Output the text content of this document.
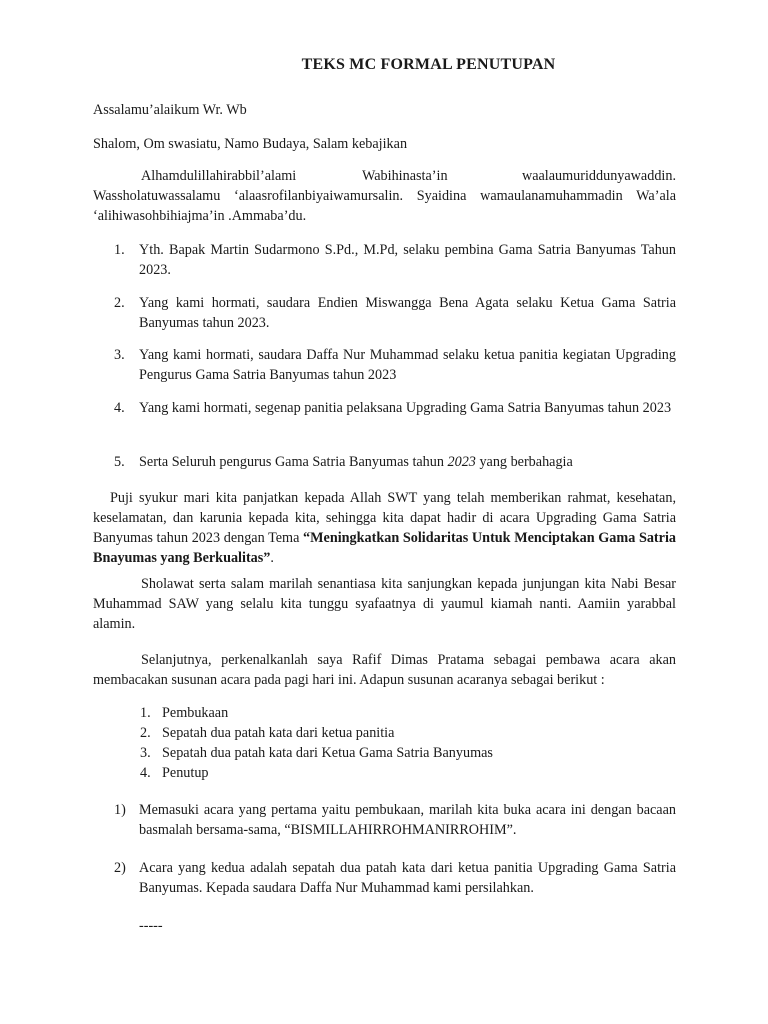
TEKS MC FORMAL PENUTUPAN

Assalamu’alaikum Wr. Wb

Shalom, Om swasiatu, Namo Budaya, Salam kebajikan

Alhamdulillahirabbil’alami	Wabihinasta’in	waalaumuriddunyawaddin.
Wassholatuwassalamu ‘alaasrofilanbiyaiwamursalin. Syaidina wamaulanamuhammadin Wa’ala ‘alihiwasohbihiajma’in .Ammaba’du.
1.	Yth. Bapak Martin Sudarmono S.Pd., M.Pd, selaku pembina Gama Satria Banyumas Tahun 2023.
2.	Yang kami hormati, saudara Endien Miswangga Bena Agata selaku Ketua Gama Satria Banyumas tahun 2023.
3.	Yang kami hormati, saudara Daffa Nur Muhammad selaku ketua panitia kegiatan Upgrading Pengurus Gama Satria Banyumas tahun 2023
4.	Yang kami hormati, segenap panitia pelaksana Upgrading Gama Satria Banyumas tahun 2023
5.	Serta Seluruh pengurus Gama Satria Banyumas tahun 2023 yang berbahagia

Puji syukur mari kita panjatkan kepada Allah SWT yang telah memberikan rahmat, kesehatan, keselamatan, dan karunia kepada kita, sehingga kita dapat hadir di acara Upgrading Gama Satria Banyumas tahun 2023 dengan Tema “Meningkatkan Solidaritas Untuk Menciptakan Gama Satria Bnayumas yang Berkualitas”.

Sholawat serta salam marilah senantiasa kita sanjungkan kepada junjungan kita Nabi Besar Muhammad SAW yang selalu kita tunggu syafaatnya di yaumul kiamah nanti. Aamiin yarabbal alamin.

Selanjutnya, perkenalkanlah saya Rafif Dimas Pratama sebagai pembawa acara akan membacakan susunan acara pada pagi hari ini. Adapun susunan acaranya sebagai berikut :

1. Pembukaan
2. Sepatah dua patah kata dari ketua panitia
3. Sepatah dua patah kata dari Ketua Gama Satria Banyumas
4. Penutup
1) Memasuki acara yang pertama yaitu pembukaan, marilah kita buka acara ini dengan bacaan basmalah bersama-sama, “BISMILLAHIRROHMANIRROHIM”.
2) Acara yang kedua adalah sepatah dua patah kata dari ketua panitia Upgrading Gama Satria Banyumas. Kepada saudara Daffa Nur Muhammad kami persilahkan.
-----
